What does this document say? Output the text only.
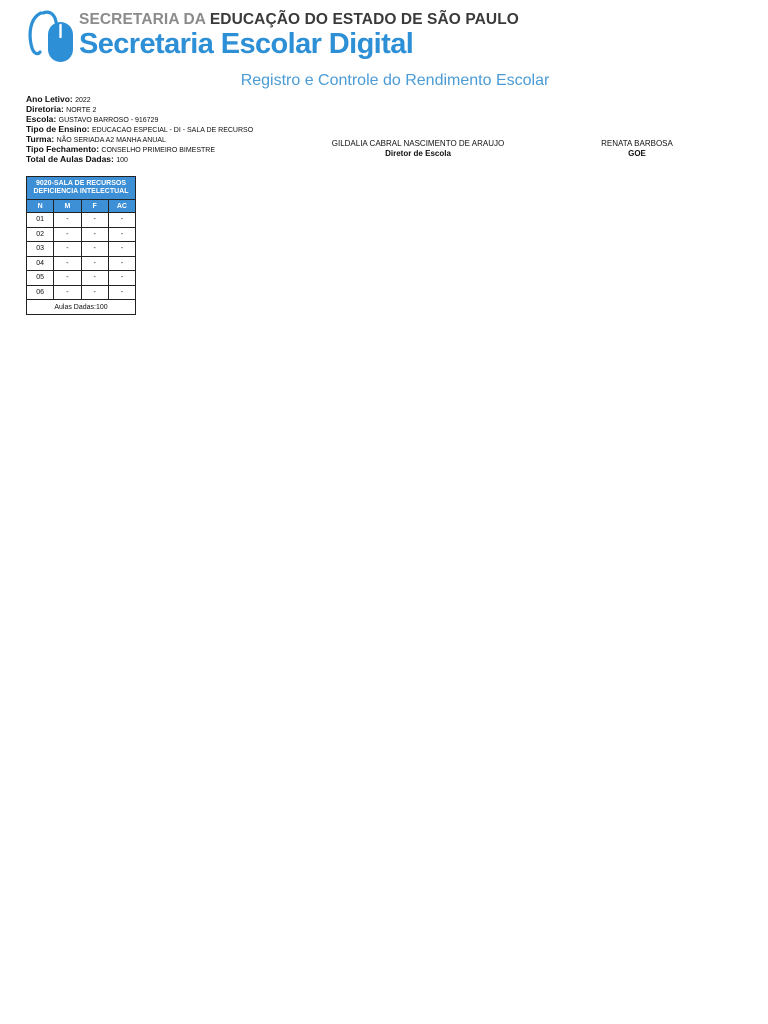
SECRETARIA DA EDUCAÇÃO DO ESTADO DE SÃO PAULO
Secretaria Escolar Digital
Registro e Controle do Rendimento Escolar
Ano Letivo: 2022
Diretoria: NORTE 2
Escola: GUSTAVO BARROSO - 916729
Tipo de Ensino: EDUCACAO ESPECIAL - DI - SALA DE RECURSO
Turma: NÃO SERIADA A2 MANHA ANUAL
Tipo Fechamento: CONSELHO PRIMEIRO BIMESTRE
Total de Aulas Dadas: 100
GILDALIA CABRAL NASCIMENTO DE ARAUJO
Diretor de Escola
RENATA BARBOSA
GOE
9020-SALA DE RECURSOS
DEFICIENCIA INTELECTUAL			

N	M	F	AC
01	-	-	-
02	-	-	-
03	-	-	-
04	-	-	-
05	-	-	-
06	-	-	-
Aulas Dadas:100			
